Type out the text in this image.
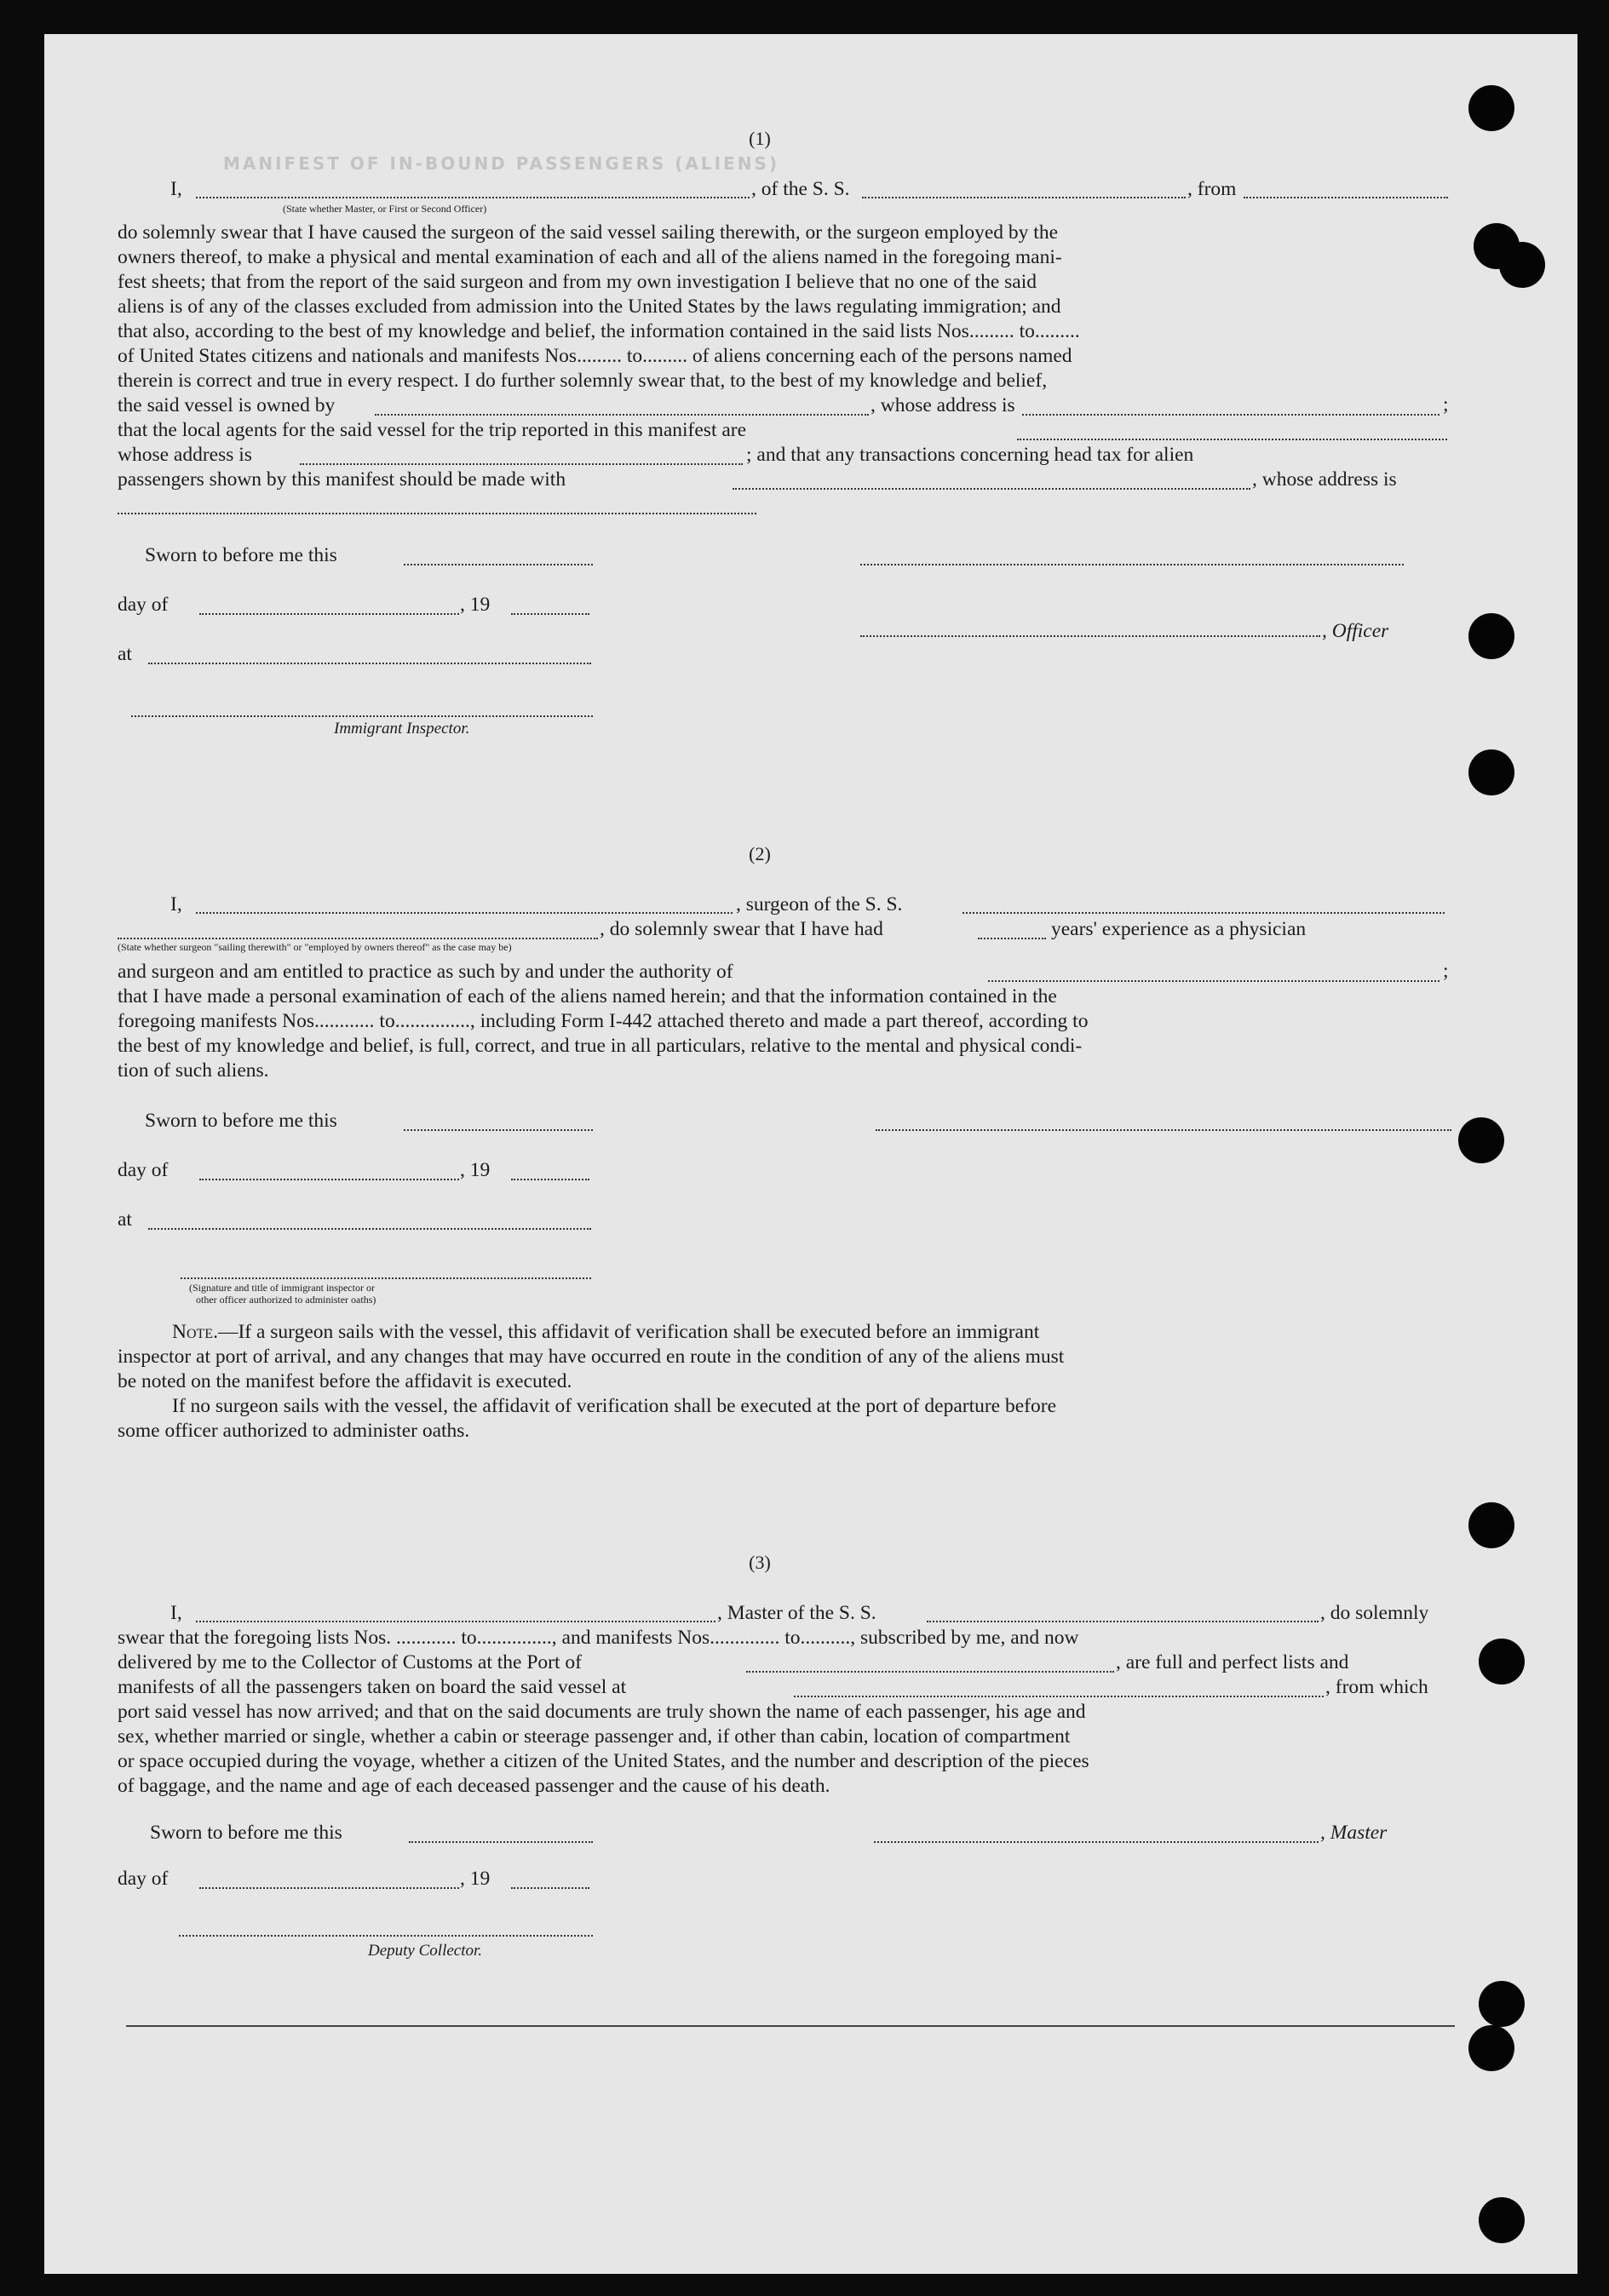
MANIFEST OF IN-BOUND PASSENGERS (ALIENS)
(1)
I,	, of the S. S.	, from
(State whether Master, or First or Second Officer)
do solemnly swear that I have caused the surgeon of the said vessel sailing therewith, or the surgeon employed by the
owners thereof, to make a physical and mental examination of each and all of the aliens named in the foregoing mani-
fest sheets; that from the report of the said surgeon and from my own investigation I believe that no one of the said
aliens is of any of the classes excluded from admission into the United States by the laws regulating immigration; and
that also, according to the best of my knowledge and belief, the information contained in the said lists Nos......... to.........
of United States citizens and nationals and manifests Nos......... to......... of aliens concerning each of the persons named
therein is correct and true in every respect. I do further solemnly swear that, to the best of my knowledge and belief,
the said vessel is owned by	, whose address is	;
that the local agents for the said vessel for the trip reported in this manifest are
whose address is	; and that any transactions concerning head tax for alien
passengers shown by this manifest should be made with	, whose address is
Sworn to before me this
day of	, 19
, Officer
at
Immigrant Inspector.
(2)
I,	, surgeon of the S. S.
, do solemnly swear that I have had	years' experience as a physician
(State whether surgeon "sailing therewith" or "employed by owners thereof" as the case may be)
and surgeon and am entitled to practice as such by and under the authority of	;
that I have made a personal examination of each of the aliens named herein; and that the information contained in the
foregoing manifests Nos............ to..............., including Form I-442 attached thereto and made a part thereof, according to
the best of my knowledge and belief, is full, correct, and true in all particulars, relative to the mental and physical condi-
tion of such aliens.
Sworn to before me this
day of	, 19
at
(Signature and title of immigrant inspector or
other officer authorized to administer oaths)
Note.—If a surgeon sails with the vessel, this affidavit of verification shall be executed before an immigrant
inspector at port of arrival, and any changes that may have occurred en route in the condition of any of the aliens must
be noted on the manifest before the affidavit is executed.
If no surgeon sails with the vessel, the affidavit of verification shall be executed at the port of departure before
some officer authorized to administer oaths.
(3)
I,	, Master of the S. S.	, do solemnly
swear that the foregoing lists Nos. ............ to..............., and manifests Nos.............. to.........., subscribed by me, and now
delivered by me to the Collector of Customs at the Port of	, are full and perfect lists and
manifests of all the passengers taken on board the said vessel at	, from which
port said vessel has now arrived; and that on the said documents are truly shown the name of each passenger, his age and
sex, whether married or single, whether a cabin or steerage passenger and, if other than cabin, location of compartment
or space occupied during the voyage, whether a citizen of the United States, and the number and description of the pieces
of baggage, and the name and age of each deceased passenger and the cause of his death.
Sworn to before me this	, Master
day of	, 19
Deputy Collector.
